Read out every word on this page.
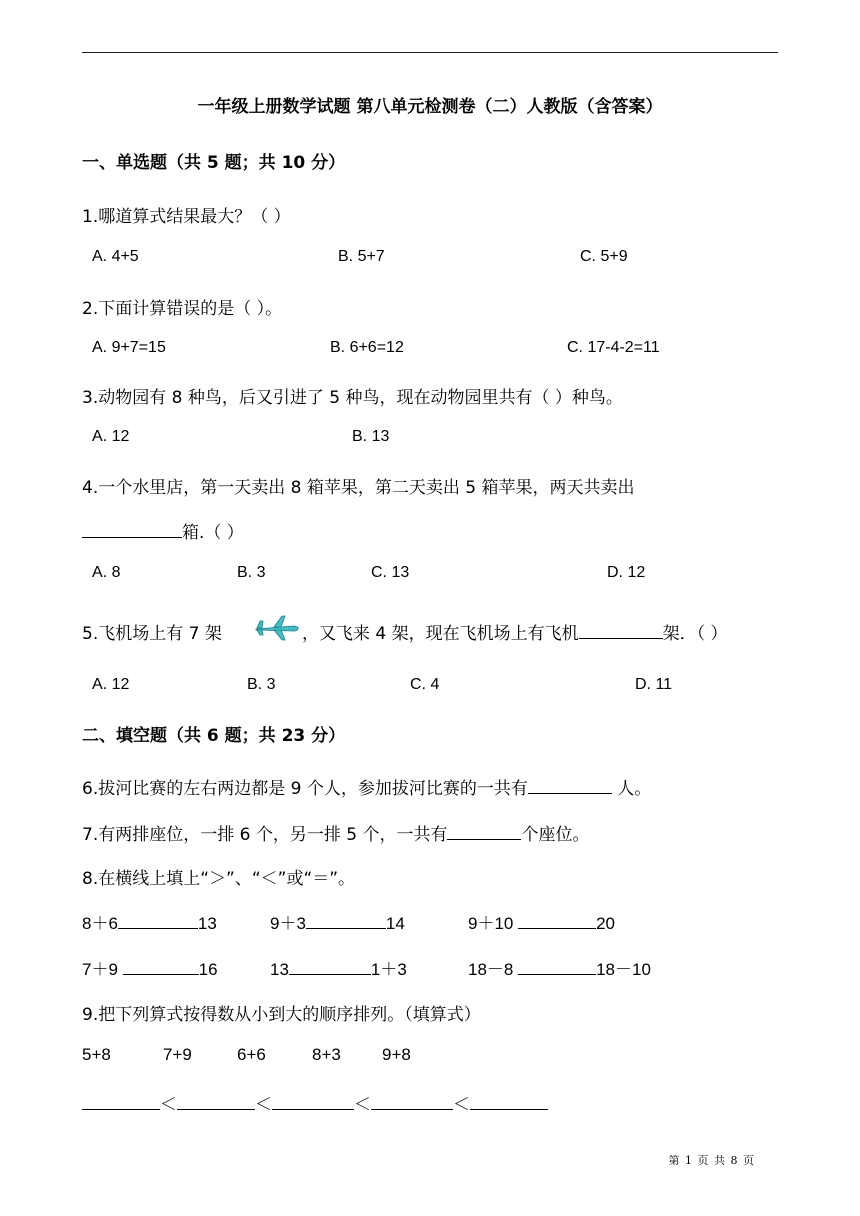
一年级上册数学试题 第八单元检测卷（二）人教版（含答案）
一、单选题（共 5 题；共 10 分）
1.哪道算式结果最大？（ ）
A. 4+5	B. 5+7	C. 5+9
2.下面计算错误的是（ ）。
A. 9+7=15	B. 6+6=12	C. 17-4-2=11
3.动物园有 8 种鸟，后又引进了 5 种鸟，现在动物园里共有（ ）种鸟。
A. 12	B. 13
4.一个水里店，第一天卖出 8 箱苹果，第二天卖出 5 箱苹果，两天共卖出
箱.（ ）
A. 8	B. 3	C. 13	D. 12
5.飞机场上有 7 架	，又飞来 4 架，现在飞机场上有飞机	架．（ ）
A. 12	B. 3	C. 4	D. 11
二、填空题（共 6 题；共 23 分）
6.拔河比赛的左右两边都是 9 个人，参加拔河比赛的一共有	人。
7.有两排座位，一排 6 个，另一排 5 个，一共有	个座位。
8.在横线上填上“＞”、“＜”或“＝”。
8＋6	13	9＋3	14	9＋10	20
7＋9	16	13	1＋3	18－8	18－10
9.把下列算式按得数从小到大的顺序排列。（填算式）
5+8	7+9	6+6	8+3 9+8
＜	＜	＜	＜
第 1 页 共 8 页
